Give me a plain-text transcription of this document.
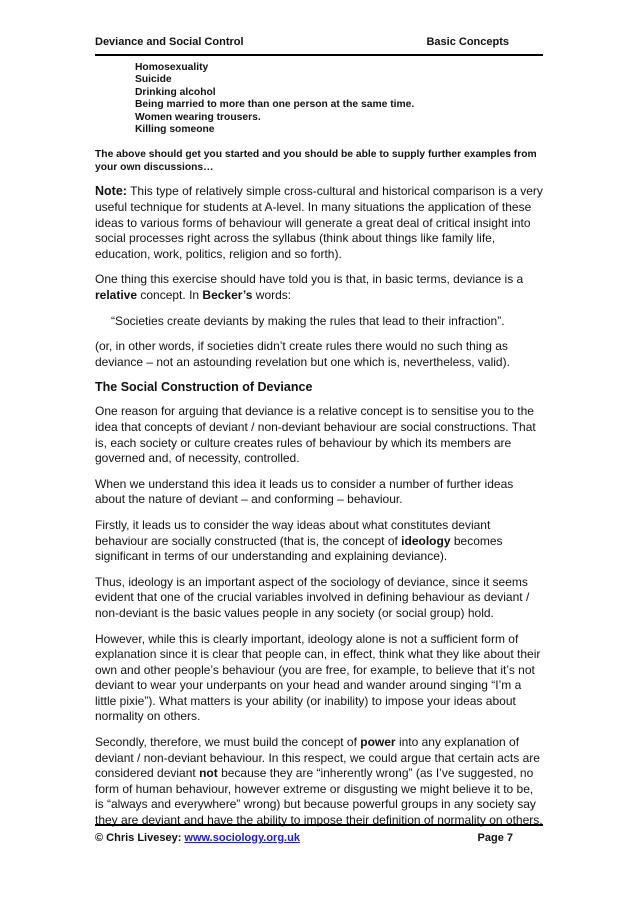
Deviance and Social Control	Basic Concepts
Homosexuality
Suicide
Drinking alcohol
Being married to more than one person at the same time.
Women wearing trousers.
Killing someone
The above should get you started and you should be able to supply further examples from your own discussions…

Note: This type of relatively simple cross-cultural and historical comparison is a very useful technique for students at A-level. In many situations the application of these ideas to various forms of behaviour will generate a great deal of critical insight into social processes right across the syllabus (think about things like family life, education, work, politics, religion and so forth).

One thing this exercise should have told you is that, in basic terms, deviance is a relative concept. In Becker’s words:

“Societies create deviants by making the rules that lead to their infraction”.

(or, in other words, if societies didn’t create rules there would no such thing as deviance – not an astounding revelation but one which is, nevertheless, valid).

The Social Construction of Deviance

One reason for arguing that deviance is a relative concept is to sensitise you to the idea that concepts of deviant / non-deviant behaviour are social constructions. That is, each society or culture creates rules of behaviour by which its members are governed and, of necessity, controlled.

When we understand this idea it leads us to consider a number of further ideas about the nature of deviant – and conforming – behaviour.

Firstly, it leads us to consider the way ideas about what constitutes deviant behaviour are socially constructed (that is, the concept of ideology becomes significant in terms of our understanding and explaining deviance).

Thus, ideology is an important aspect of the sociology of deviance, since it seems evident that one of the crucial variables involved in defining behaviour as deviant / non-deviant is the basic values people in any society (or social group) hold.

However, while this is clearly important, ideology alone is not a sufficient form of explanation since it is clear that people can, in effect, think what they like about their own and other people’s behaviour (you are free, for example, to believe that it’s not deviant to wear your underpants on your head and wander around singing “I’m a little pixie”). What matters is your ability (or inability) to impose your ideas about normality on others.

Secondly, therefore, we must build the concept of power into any explanation of deviant / non-deviant behaviour. In this respect, we could argue that certain acts are considered deviant not because they are “inherently wrong” (as I’ve suggested, no form of human behaviour, however extreme or disgusting we might believe it to be, is “always and everywhere” wrong) but because powerful groups in any society say they are deviant and have the ability to impose their definition of normality on others.

© Chris Livesey: www.sociology.org.uk	Page 7
